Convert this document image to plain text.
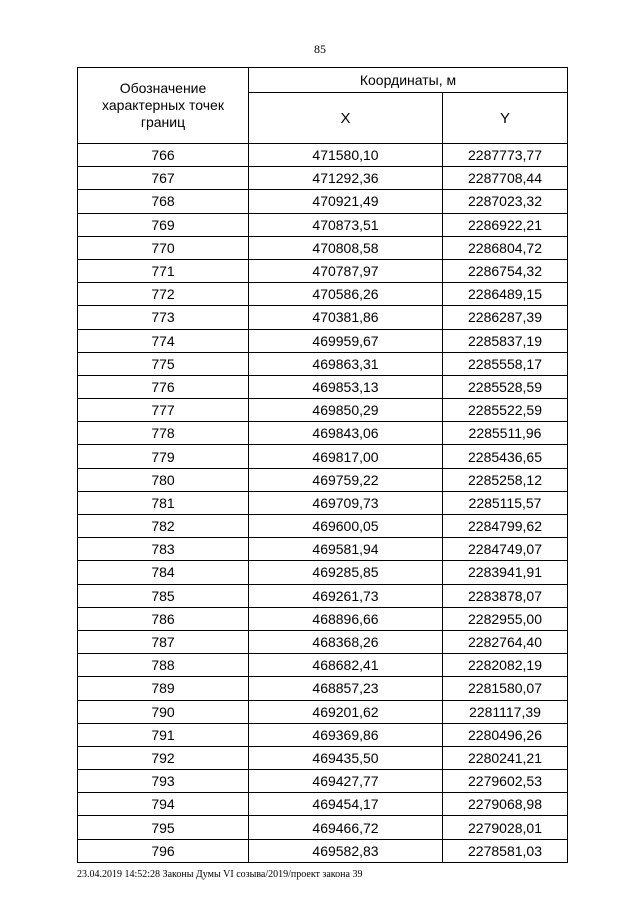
85
Обозначение характерных точек границ	Координаты, м	
	X	Y
766	471580,10	2287773,77
767	471292,36	2287708,44
768	470921,49	2287023,32
769	470873,51	2286922,21
770	470808,58	2286804,72
771	470787,97	2286754,32
772	470586,26	2286489,15
773	470381,86	2286287,39
774	469959,67	2285837,19
775	469863,31	2285558,17
776	469853,13	2285528,59
777	469850,29	2285522,59
778	469843,06	2285511,96
779	469817,00	2285436,65
780	469759,22	2285258,12
781	469709,73	2285115,57
782	469600,05	2284799,62
783	469581,94	2284749,07
784	469285,85	2283941,91
785	469261,73	2283878,07
786	468896,66	2282955,00
787	468368,26	2282764,40
788	468682,41	2282082,19
789	468857,23	2281580,07
790	469201,62	2281117,39
791	469369,86	2280496,26
792	469435,50	2280241,21
793	469427,77	2279602,53
794	469454,17	2279068,98
795	469466,72	2279028,01
796	469582,83	2278581,03
23.04.2019 14:52:28 Законы Думы VI созыва/2019/проект закона 39
